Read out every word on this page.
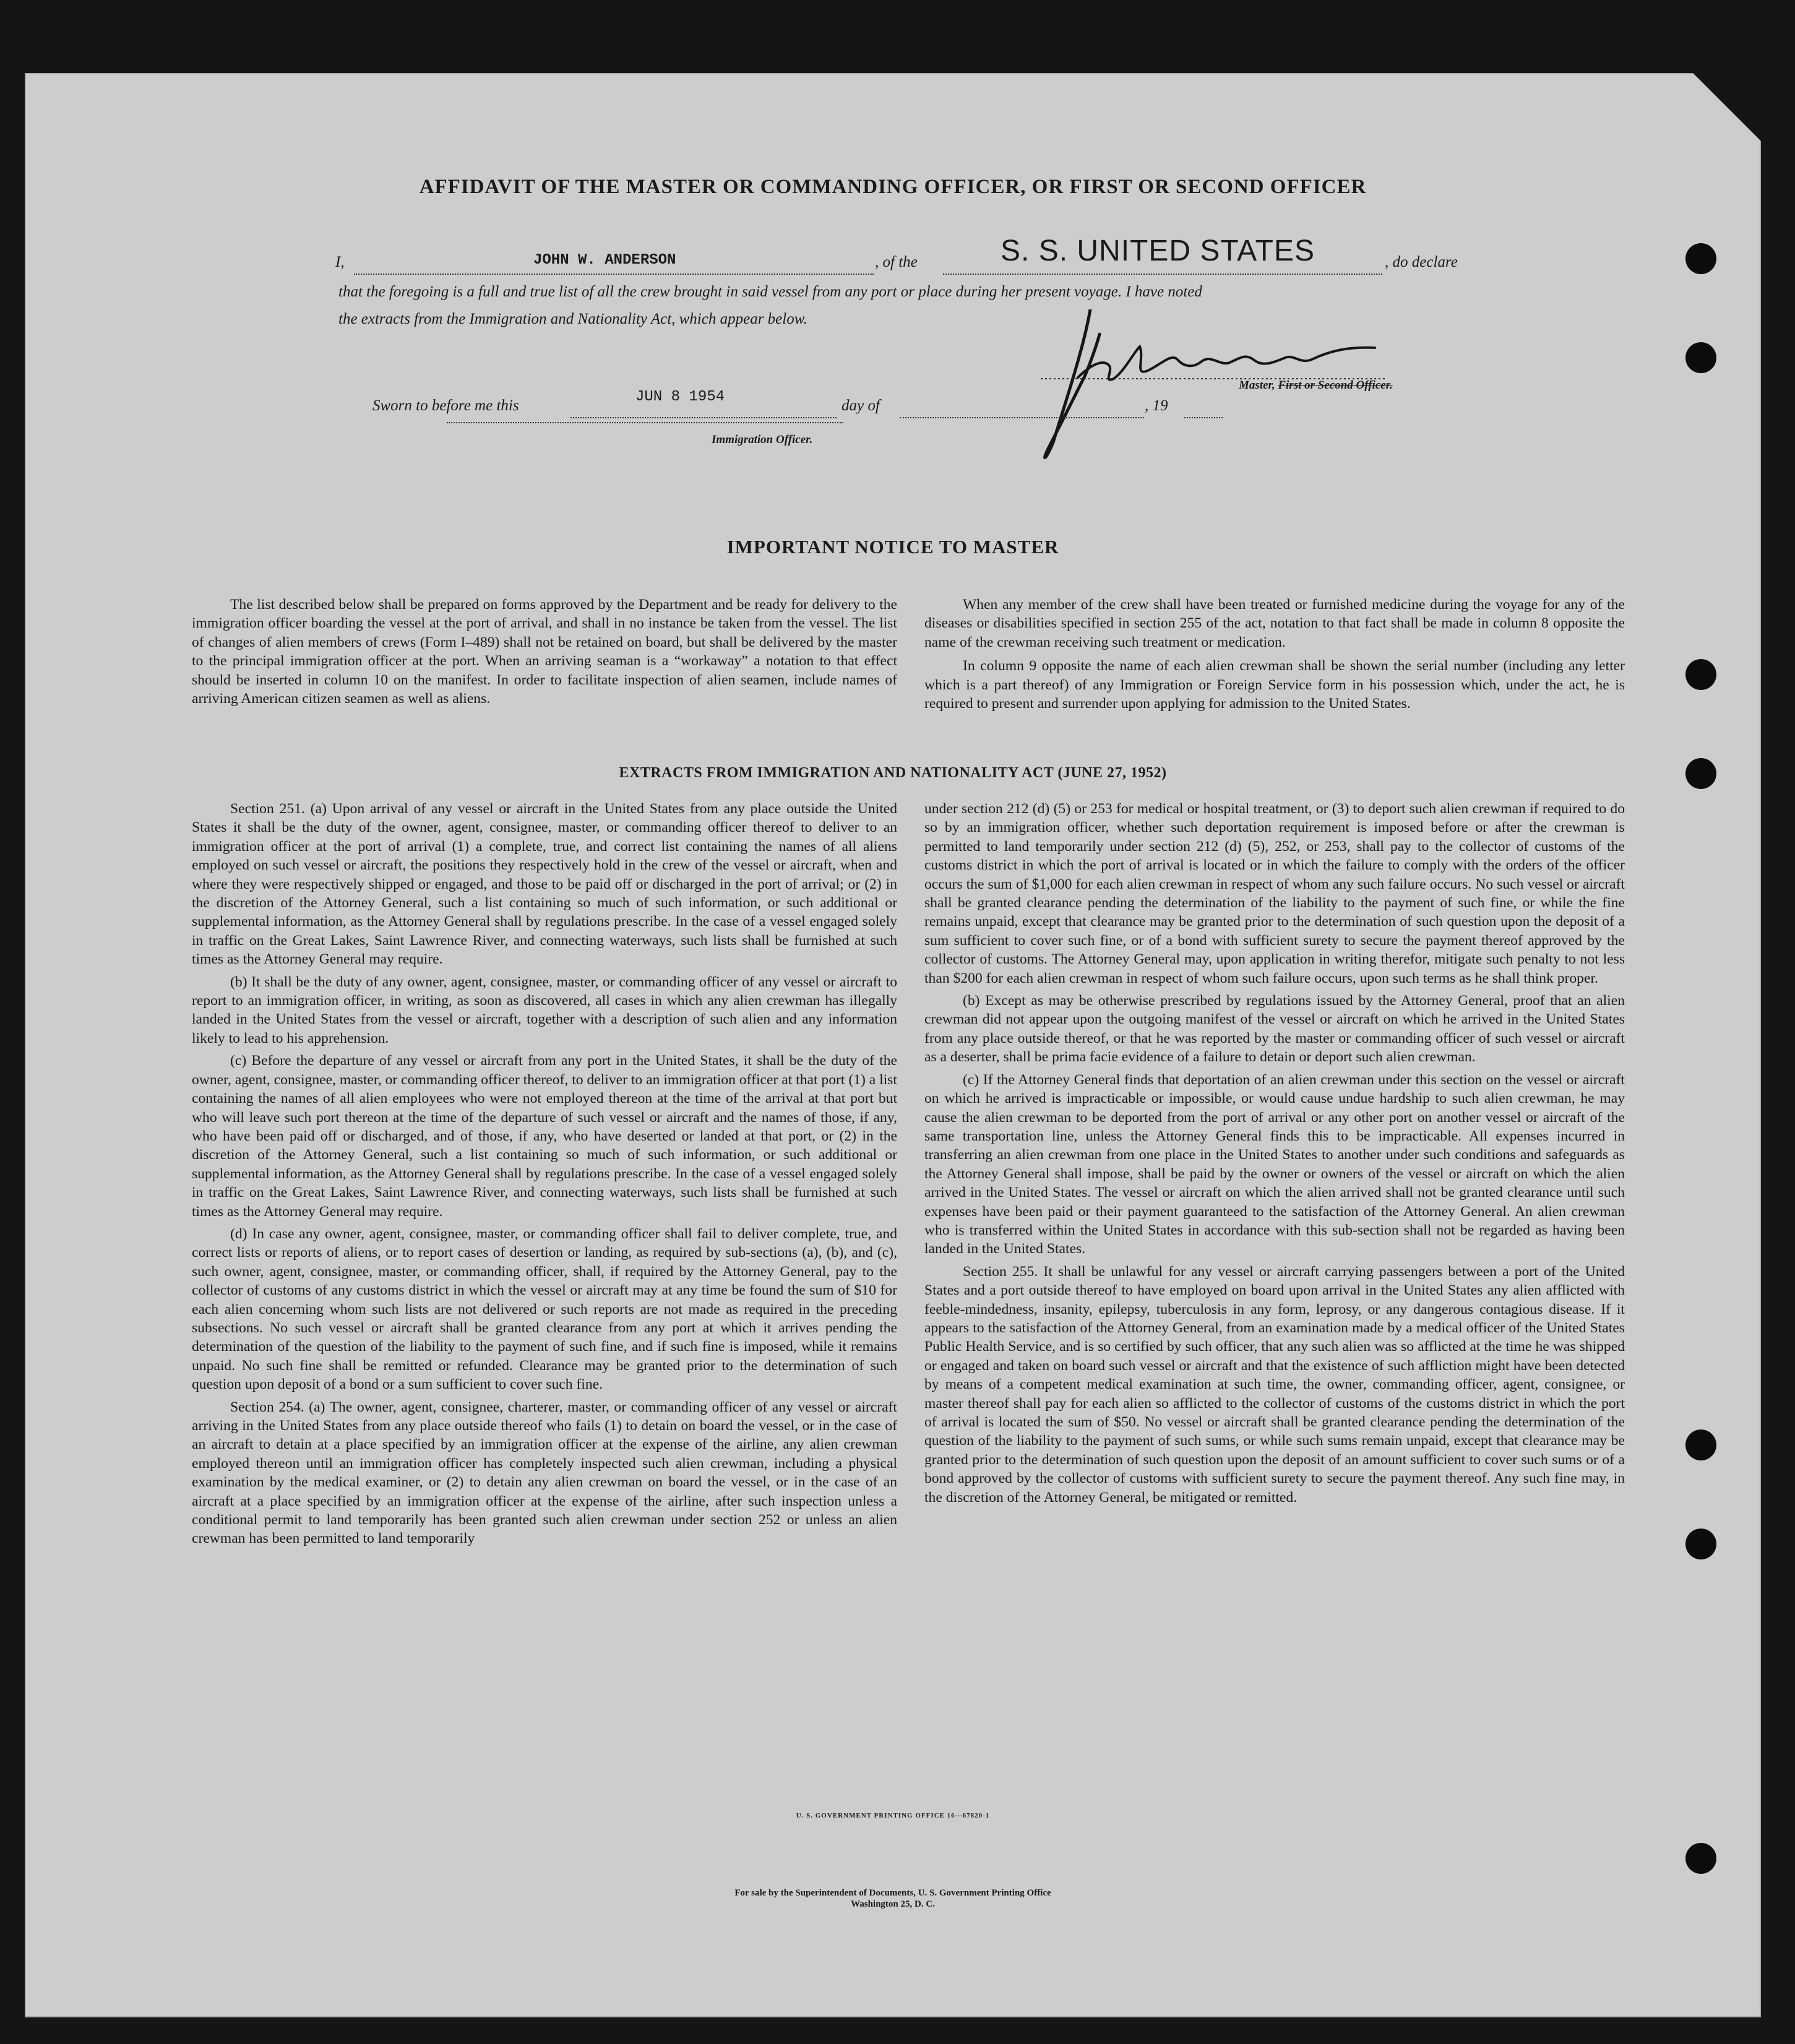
AFFIDAVIT OF THE MASTER OR COMMANDING OFFICER, OR FIRST OR SECOND OFFICER
I,	JOHN W. ANDERSON	, of the	S. S. UNITED STATES	, do declare
that the foregoing is a full and true list of all the crew brought in said vessel from any port or place during her present voyage. I have noted
the extracts from the Immigration and Nationality Act, which appear below.
Master, First or Second Officer.
Sworn to before me this
JUN 8 1954
day of	, 19
Immigration Officer.
IMPORTANT NOTICE TO MASTER

The list described below shall be prepared on forms approved by the Department and be ready for delivery to the immigration officer boarding the vessel at the port of arrival, and shall in no instance be taken from the vessel. The list of changes of alien members of crews (Form I–489) shall not be retained on board, but shall be delivered by the master to the principal immigration officer at the port. When an arriving seaman is a “workaway” a notation to that effect should be inserted in column 10 on the manifest. In order to facilitate inspection of alien seamen, include names of arriving American citizen seamen as well as aliens.

When any member of the crew shall have been treated or furnished medicine during the voyage for any of the diseases or disabilities specified in section 255 of the act, notation to that fact shall be made in column 8 opposite the name of the crewman receiving such treatment or medication.

In column 9 opposite the name of each alien crewman shall be shown the serial number (including any letter which is a part thereof) of any Immigration or Foreign Service form in his possession which, under the act, he is required to present and surrender upon applying for admission to the United States.

EXTRACTS FROM IMMIGRATION AND NATIONALITY ACT (JUNE 27, 1952)

Section 251. (a) Upon arrival of any vessel or aircraft in the United States from any place outside the United States it shall be the duty of the owner, agent, consignee, master, or commanding officer thereof to deliver to an immigration officer at the port of arrival (1) a complete, true, and correct list containing the names of all aliens employed on such vessel or aircraft, the positions they respectively hold in the crew of the vessel or aircraft, when and where they were respectively shipped or engaged, and those to be paid off or discharged in the port of arrival; or (2) in the discretion of the Attorney General, such a list containing so much of such information, or such additional or supplemental information, as the Attorney General shall by regulations prescribe. In the case of a vessel engaged solely in traffic on the Great Lakes, Saint Lawrence River, and connecting waterways, such lists shall be furnished at such times as the Attorney General may require.

(b) It shall be the duty of any owner, agent, consignee, master, or commanding officer of any vessel or aircraft to report to an immigration officer, in writing, as soon as discovered, all cases in which any alien crewman has illegally landed in the United States from the vessel or aircraft, together with a description of such alien and any information likely to lead to his apprehension.

(c) Before the departure of any vessel or aircraft from any port in the United States, it shall be the duty of the owner, agent, consignee, master, or commanding officer thereof, to deliver to an immigration officer at that port (1) a list containing the names of all alien employees who were not employed thereon at the time of the arrival at that port but who will leave such port thereon at the time of the departure of such vessel or aircraft and the names of those, if any, who have been paid off or discharged, and of those, if any, who have deserted or landed at that port, or (2) in the discretion of the Attorney General, such a list containing so much of such information, or such additional or supplemental information, as the Attorney General shall by regulations prescribe. In the case of a vessel engaged solely in traffic on the Great Lakes, Saint Lawrence River, and connecting waterways, such lists shall be furnished at such times as the Attorney General may require.

(d) In case any owner, agent, consignee, master, or commanding officer shall fail to deliver complete, true, and correct lists or reports of aliens, or to report cases of desertion or landing, as required by sub-sections (a), (b), and (c), such owner, agent, consignee, master, or commanding officer, shall, if required by the Attorney General, pay to the collector of customs of any customs district in which the vessel or aircraft may at any time be found the sum of $10 for each alien concerning whom such lists are not delivered or such reports are not made as required in the preceding subsections. No such vessel or aircraft shall be granted clearance from any port at which it arrives pending the determination of the question of the liability to the payment of such fine, and if such fine is imposed, while it remains unpaid. No such fine shall be remitted or refunded. Clearance may be granted prior to the determination of such question upon deposit of a bond or a sum sufficient to cover such fine.

Section 254. (a) The owner, agent, consignee, charterer, master, or commanding officer of any vessel or aircraft arriving in the United States from any place outside thereof who fails (1) to detain on board the vessel, or in the case of an aircraft to detain at a place specified by an immigration officer at the expense of the airline, any alien crewman employed thereon until an immigration officer has completely inspected such alien crewman, including a physical examination by the medical examiner, or (2) to detain any alien crewman on board the vessel, or in the case of an aircraft at a place specified by an immigration officer at the expense of the airline, after such inspection unless a conditional permit to land temporarily has been granted such alien crewman under section 252 or unless an alien crewman has been permitted to land temporarily

under section 212 (d) (5) or 253 for medical or hospital treatment, or (3) to deport such alien crewman if required to do so by an immigration officer, whether such deportation requirement is imposed before or after the crewman is permitted to land temporarily under section 212 (d) (5), 252, or 253, shall pay to the collector of customs of the customs district in which the port of arrival is located or in which the failure to comply with the orders of the officer occurs the sum of $1,000 for each alien crewman in respect of whom any such failure occurs. No such vessel or aircraft shall be granted clearance pending the determination of the liability to the payment of such fine, or while the fine remains unpaid, except that clearance may be granted prior to the determination of such question upon the deposit of a sum sufficient to cover such fine, or of a bond with sufficient surety to secure the payment thereof approved by the collector of customs. The Attorney General may, upon application in writing therefor, mitigate such penalty to not less than $200 for each alien crewman in respect of whom such failure occurs, upon such terms as he shall think proper.

(b) Except as may be otherwise prescribed by regulations issued by the Attorney General, proof that an alien crewman did not appear upon the outgoing manifest of the vessel or aircraft on which he arrived in the United States from any place outside thereof, or that he was reported by the master or commanding officer of such vessel or aircraft as a deserter, shall be prima facie evidence of a failure to detain or deport such alien crewman.

(c) If the Attorney General finds that deportation of an alien crewman under this section on the vessel or aircraft on which he arrived is impracticable or impossible, or would cause undue hardship to such alien crewman, he may cause the alien crewman to be deported from the port of arrival or any other port on another vessel or aircraft of the same transportation line, unless the Attorney General finds this to be impracticable. All expenses incurred in transferring an alien crewman from one place in the United States to another under such conditions and safeguards as the Attorney General shall impose, shall be paid by the owner or owners of the vessel or aircraft on which the alien arrived in the United States. The vessel or aircraft on which the alien arrived shall not be granted clearance until such expenses have been paid or their payment guaranteed to the satisfaction of the Attorney General. An alien crewman who is transferred within the United States in accordance with this sub-section shall not be regarded as having been landed in the United States.

Section 255. It shall be unlawful for any vessel or aircraft carrying passengers between a port of the United States and a port outside thereof to have employed on board upon arrival in the United States any alien afflicted with feeble-mindedness, insanity, epilepsy, tuberculosis in any form, leprosy, or any dangerous contagious disease. If it appears to the satisfaction of the Attorney General, from an examination made by a medical officer of the United States Public Health Service, and is so certified by such officer, that any such alien was so afflicted at the time he was shipped or engaged and taken on board such vessel or aircraft and that the existence of such affliction might have been detected by means of a competent medical examination at such time, the owner, commanding officer, agent, consignee, or master thereof shall pay for each alien so afflicted to the collector of customs of the customs district in which the port of arrival is located the sum of $50. No vessel or aircraft shall be granted clearance pending the determination of the question of the liability to the payment of such sums, or while such sums remain unpaid, except that clearance may be granted prior to the determination of such question upon the deposit of an amount sufficient to cover such sums or of a bond approved by the collector of customs with sufficient surety to secure the payment thereof. Any such fine may, in the discretion of the Attorney General, be mitigated or remitted.

U. S. GOVERNMENT PRINTING OFFICE 16—67820-1
For sale by the Superintendent of Documents, U. S. Government Printing Office
Washington 25, D. C.
